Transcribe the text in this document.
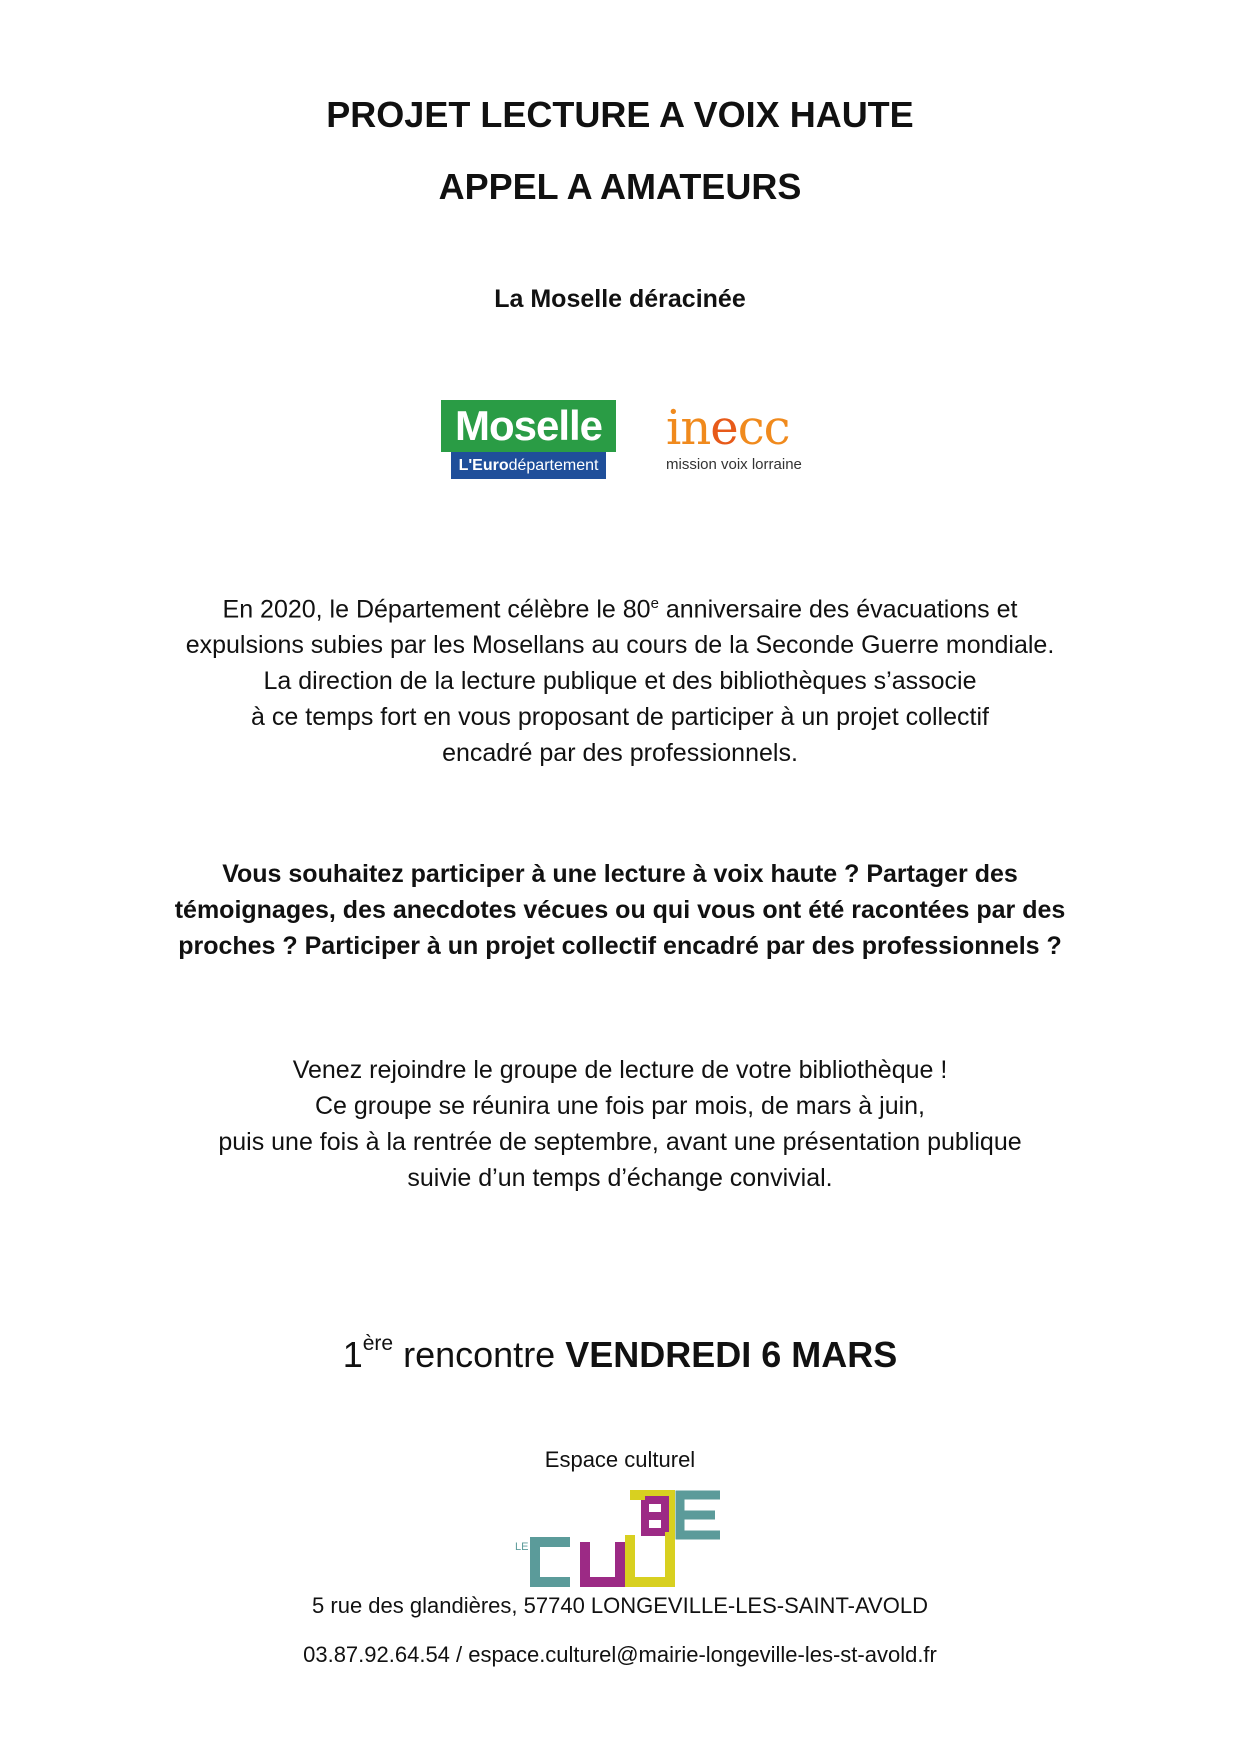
PROJET LECTURE A VOIX HAUTE
APPEL A AMATEURS
La Moselle déracinée
Moselle
L'Eurodépartement
inecc
mission voix lorraine

En 2020, le Département célèbre le 80e anniversaire des évacuations et

expulsions subies par les Mosellans au cours de la Seconde Guerre mondiale.

La direction de la lecture publique et des bibliothèques s’associe

à ce temps fort en vous proposant de participer à un projet collectif

encadré par des professionnels.

Vous souhaitez participer à une lecture à voix haute ? Partager des

témoignages, des anecdotes vécues ou qui vous ont été racontées par des

proches ? Participer à un projet collectif encadré par des professionnels ?

Venez rejoindre le groupe de lecture de votre bibliothèque !

Ce groupe se réunira une fois par mois, de mars à juin,

puis une fois à la rentrée de septembre, avant une présentation publique

suivie d’un temps d’échange convivial.

1ère rencontre VENDREDI 6 MARS
Espace culturel
LE
5 rue des glandières, 57740 LONGEVILLE-LES-SAINT-AVOLD
03.87.92.64.54 / espace.culturel@mairie-longeville-les-st-avold.fr
